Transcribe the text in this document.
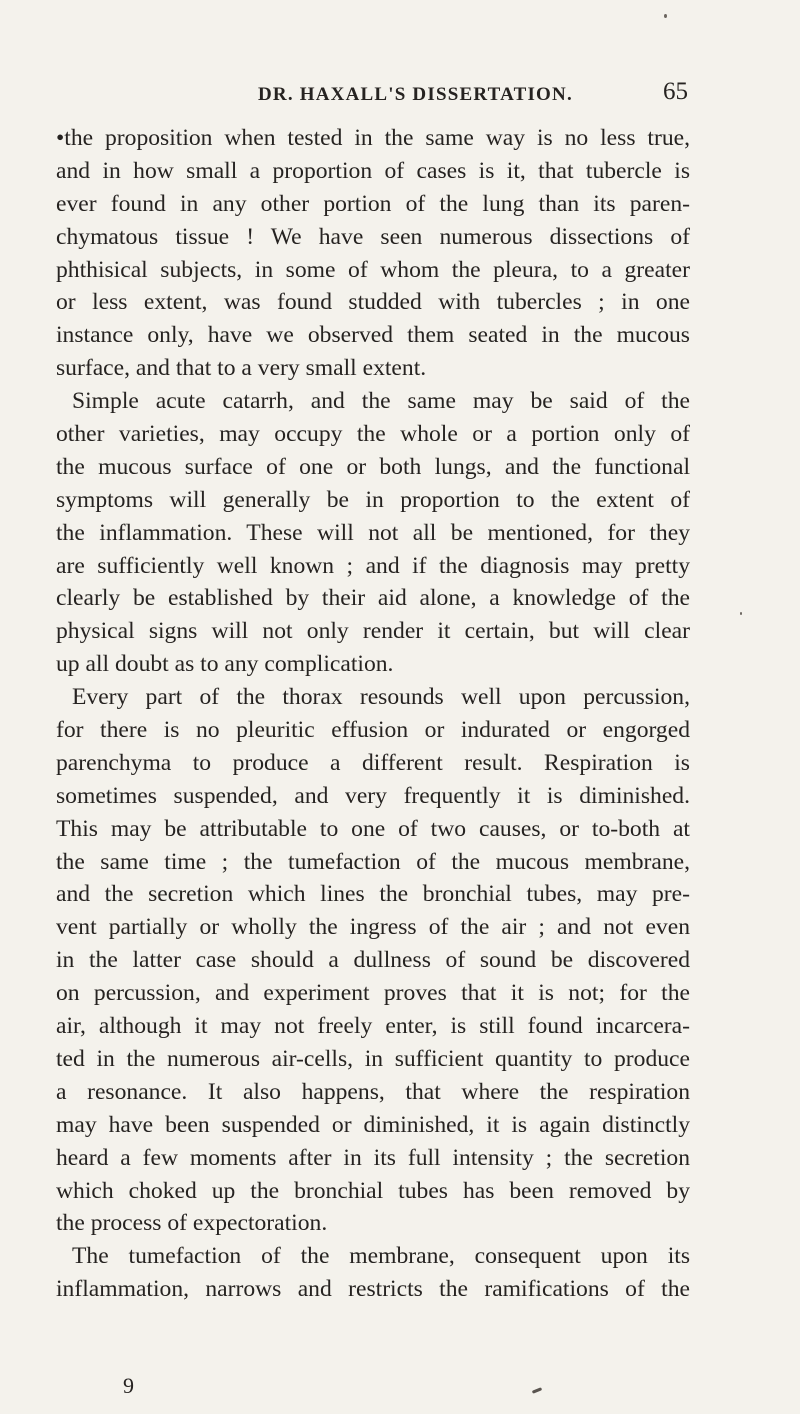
DR. HAXALL'S DISSERTATION.	65
•the proposition when tested in the same way is no less true,
and in how small a proportion of cases is it, that tubercle is
ever found in any other portion of the lung than its paren-
chymatous tissue ! We have seen numerous dissections of
phthisical subjects, in some of whom the pleura, to a greater
or less extent, was found studded with tubercles ; in one
instance only, have we observed them seated in the mucous
surface, and that to a very small extent.
Simple acute catarrh, and the same may be said of the
other varieties, may occupy the whole or a portion only of
the mucous surface of one or both lungs, and the functional
symptoms will generally be in proportion to the extent of
the inflammation. These will not all be mentioned, for they
are sufficiently well known ; and if the diagnosis may pretty
clearly be established by their aid alone, a knowledge of the
physical signs will not only render it certain, but will clear
up all doubt as to any complication.
Every part of the thorax resounds well upon percussion,
for there is no pleuritic effusion or indurated or engorged
parenchyma to produce a different result. Respiration is
sometimes suspended, and very frequently it is diminished.
This may be attributable to one of two causes, or to-both at
the same time ; the tumefaction of the mucous membrane,
and the secretion which lines the bronchial tubes, may pre-
vent partially or wholly the ingress of the air ; and not even
in the latter case should a dullness of sound be discovered
on percussion, and experiment proves that it is not; for the
air, although it may not freely enter, is still found incarcera-
ted in the numerous air-cells, in sufficient quantity to produce
a resonance. It also happens, that where the respiration
may have been suspended or diminished, it is again distinctly
heard a few moments after in its full intensity ; the secretion
which choked up the bronchial tubes has been removed by
the process of expectoration.
The tumefaction of the membrane, consequent upon its
inflammation, narrows and restricts the ramifications of the
9
